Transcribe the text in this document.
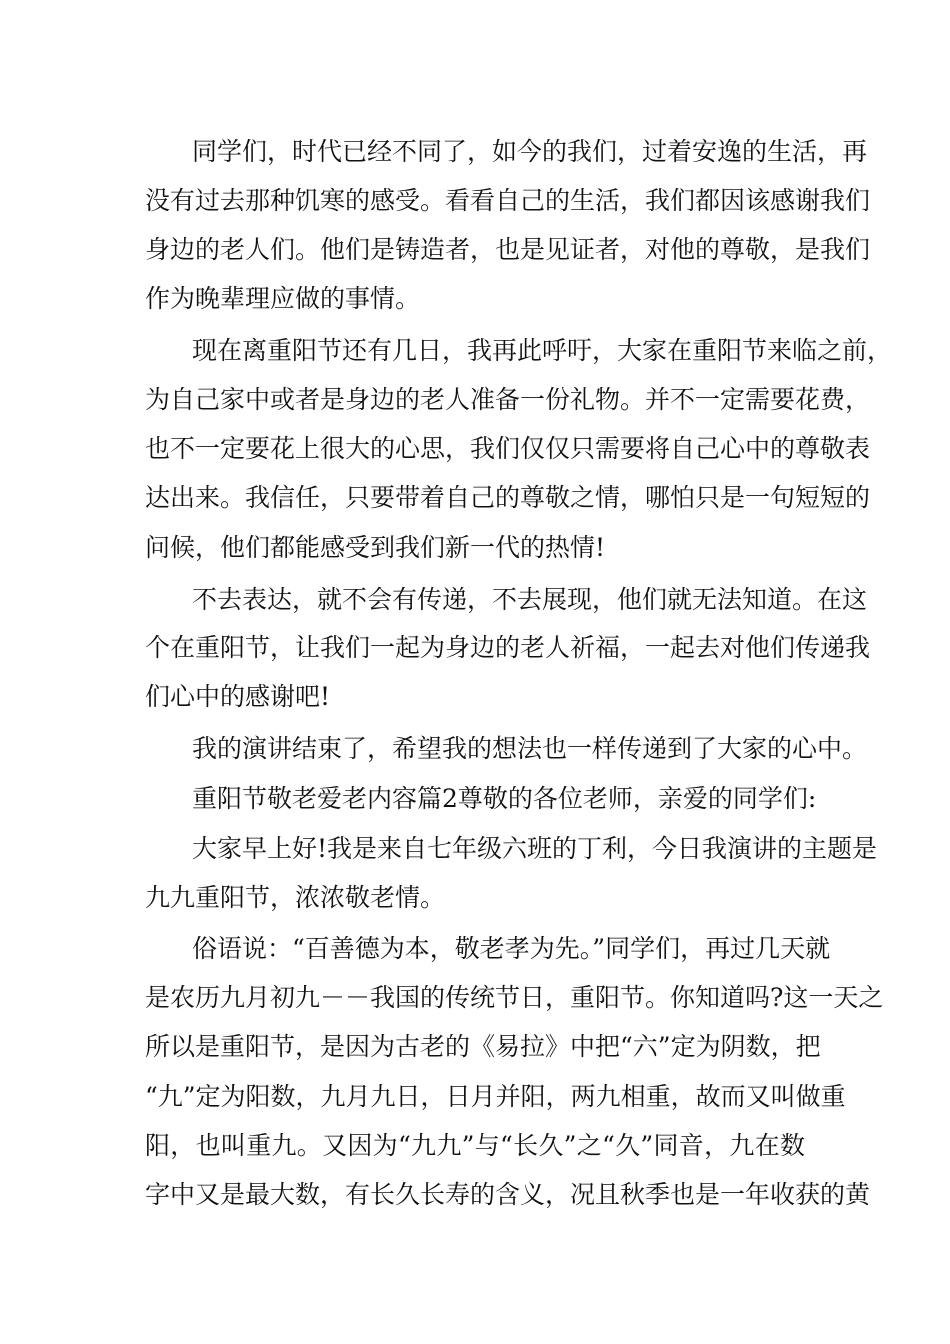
同学们，时代已经不同了，如今的我们，过着安逸的生活，再
没有过去那种饥寒的感受。看看自己的生活，我们都因该感谢我们
身边的老人们。他们是铸造者，也是见证者，对他的尊敬，是我们
作为晚辈理应做的事情。
现在离重阳节还有几日，我再此呼吁，大家在重阳节来临之前，
为自己家中或者是身边的老人准备一份礼物。并不一定需要花费，
也不一定要花上很大的心思，我们仅仅只需要将自己心中的尊敬表
达出来。我信任，只要带着自己的尊敬之情，哪怕只是一句短短的
问候，他们都能感受到我们新一代的热情!
不去表达，就不会有传递，不去展现，他们就无法知道。在这
个在重阳节，让我们一起为身边的老人祈福，一起去对他们传递我
们心中的感谢吧!
我的演讲结束了，希望我的想法也一样传递到了大家的心中。
重阳节敬老爱老内容篇2尊敬的各位老师，亲爱的同学们:
大家早上好!我是来自七年级六班的丁利，今日我演讲的主题是
九九重阳节，浓浓敬老情。
俗语说：“百善德为本，敬老孝为先。”同学们，再过几天就
是农历九月初九－－我国的传统节日，重阳节。你知道吗?这一天之
所以是重阳节，是因为古老的《易拉》中把“六”定为阴数，把
“九”定为阳数，九月九日，日月并阳，两九相重，故而又叫做重
阳，也叫重九。又因为“九九”与“长久”之“久”同音，九在数
字中又是最大数，有长久长寿的含义，况且秋季也是一年收获的黄
